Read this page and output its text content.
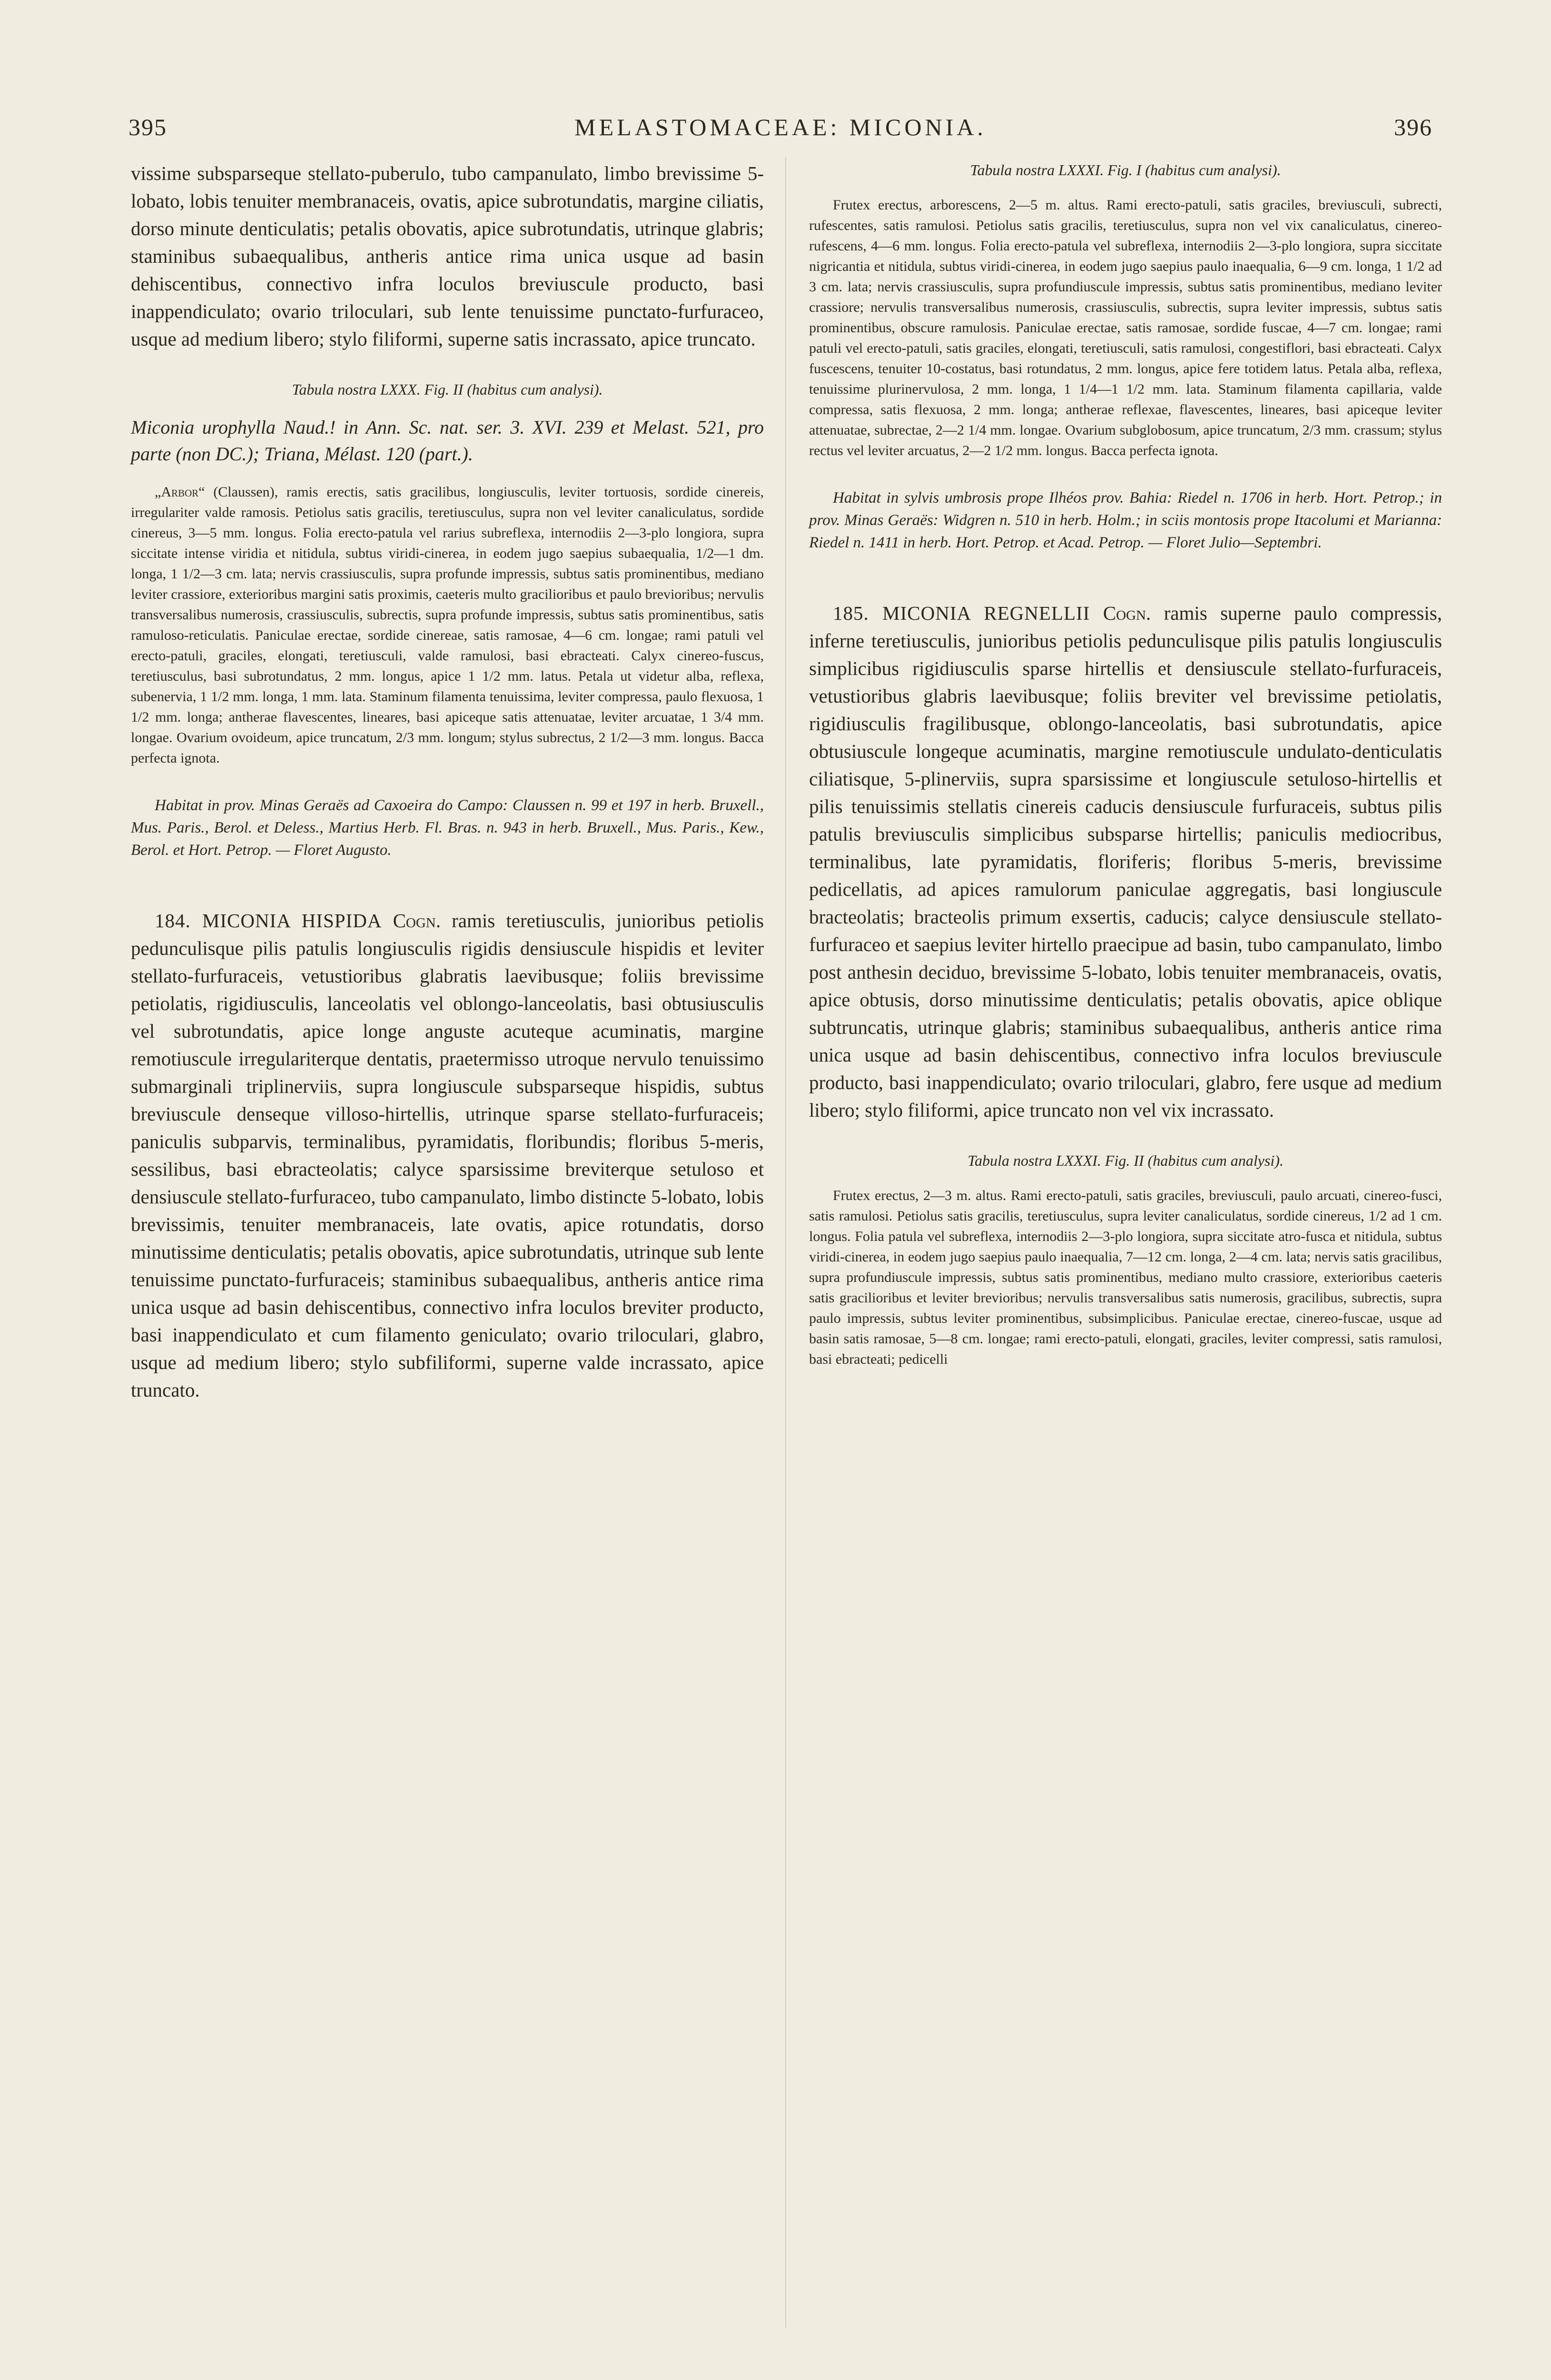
395	MELASTOMACEAE: MICONIA.	396

vissime subsparseque stellato-puberulo, tubo campanulato, limbo brevissime 5-lobato, lobis tenuiter membranaceis, ovatis, apice subrotundatis, margine ciliatis, dorso minute denticulatis; petalis obovatis, apice subrotundatis, utrinque glabris; staminibus subaequalibus, antheris antice rima unica usque ad basin dehiscentibus, connectivo infra loculos breviuscule producto, basi inappendiculato; ovario triloculari, sub lente tenuissime punctato-furfuraceo, usque ad medium libero; stylo filiformi, superne satis incrassato, apice truncato.

Tabula nostra LXXX. Fig. II (habitus cum analysi).

Miconia urophylla Naud.! in Ann. Sc. nat. ser. 3. XVI. 239 et Melast. 521, pro parte (non DC.); Triana, Mélast. 120 (part.).

„Arbor“ (Claussen), ramis erectis, satis gracilibus, longiusculis, leviter tortuosis, sordide cinereis, irregulariter valde ramosis. Petiolus satis gracilis, teretiusculus, supra non vel leviter canaliculatus, sordide cinereus, 3—5 mm. longus. Folia erecto-patula vel rarius subreflexa, internodiis 2—3-plo longiora, supra siccitate intense viridia et nitidula, subtus viridi-cinerea, in eodem jugo saepius subaequalia, 1/2—1 dm. longa, 1 1/2—3 cm. lata; nervis crassiusculis, supra profunde impressis, subtus satis prominentibus, mediano leviter crassiore, exterioribus margini satis proximis, caeteris multo gracilioribus et paulo brevioribus; nervulis transversalibus numerosis, crassiusculis, subrectis, supra profunde impressis, subtus satis prominentibus, satis ramuloso-reticulatis. Paniculae erectae, sordide cinereae, satis ramosae, 4—6 cm. longae; rami patuli vel erecto-patuli, graciles, elongati, teretiusculi, valde ramulosi, basi ebracteati. Calyx cinereo-fuscus, teretiusculus, basi subrotundatus, 2 mm. longus, apice 1 1/2 mm. latus. Petala ut videtur alba, reflexa, subenervia, 1 1/2 mm. longa, 1 mm. lata. Staminum filamenta tenuissima, leviter compressa, paulo flexuosa, 1 1/2 mm. longa; antherae flavescentes, lineares, basi apiceque satis attenuatae, leviter arcuatae, 1 3/4 mm. longae. Ovarium ovoideum, apice truncatum, 2/3 mm. longum; stylus subrectus, 2 1/2—3 mm. longus. Bacca perfecta ignota.

Habitat in prov. Minas Geraës ad Caxoeira do Campo: Claussen n. 99 et 197 in herb. Bruxell., Mus. Paris., Berol. et Deless., Martius Herb. Fl. Bras. n. 943 in herb. Bruxell., Mus. Paris., Kew., Berol. et Hort. Petrop. — Floret Augusto.

184. MICONIA HISPIDA Cogn. ramis teretiusculis, junioribus petiolis pedunculisque pilis patulis longiusculis rigidis densiuscule hispidis et leviter stellato-furfuraceis, vetustioribus glabratis laevibusque; foliis brevissime petiolatis, rigidiusculis, lanceolatis vel oblongo-lanceolatis, basi obtusiusculis vel subrotundatis, apice longe anguste acuteque acuminatis, margine remotiuscule irregulariterque dentatis, praetermisso utroque nervulo tenuissimo submarginali triplinerviis, supra longiuscule subsparseque hispidis, subtus breviuscule denseque villoso-hirtellis, utrinque sparse stellato-furfuraceis; paniculis subparvis, terminalibus, pyramidatis, floribundis; floribus 5-meris, sessilibus, basi ebracteolatis; calyce sparsissime breviterque setuloso et densiuscule stellato-furfuraceo, tubo campanulato, limbo distincte 5-lobato, lobis brevissimis, tenuiter membranaceis, late ovatis, apice rotundatis, dorso minutissime denticulatis; petalis obovatis, apice subrotundatis, utrinque sub lente tenuissime punctato-furfuraceis; staminibus subaequalibus, antheris antice rima unica usque ad basin dehiscentibus, connectivo infra loculos breviter producto, basi inappendiculato et cum filamento geniculato; ovario triloculari, glabro, usque ad medium libero; stylo subfiliformi, superne valde incrassato, apice truncato.

Tabula nostra LXXXI. Fig. I (habitus cum analysi).

Frutex erectus, arborescens, 2—5 m. altus. Rami erecto-patuli, satis graciles, breviusculi, subrecti, rufescentes, satis ramulosi. Petiolus satis gracilis, teretiusculus, supra non vel vix canaliculatus, cinereo-rufescens, 4—6 mm. longus. Folia erecto-patula vel subreflexa, internodiis 2—3-plo longiora, supra siccitate nigricantia et nitidula, subtus viridi-cinerea, in eodem jugo saepius paulo inaequalia, 6—9 cm. longa, 1 1/2 ad 3 cm. lata; nervis crassiusculis, supra profundiuscule impressis, subtus satis prominentibus, mediano leviter crassiore; nervulis transversalibus numerosis, crassiusculis, subrectis, supra leviter impressis, subtus satis prominentibus, obscure ramulosis. Paniculae erectae, satis ramosae, sordide fuscae, 4—7 cm. longae; rami patuli vel erecto-patuli, satis graciles, elongati, teretiusculi, satis ramulosi, congestiflori, basi ebracteati. Calyx fuscescens, tenuiter 10-costatus, basi rotundatus, 2 mm. longus, apice fere totidem latus. Petala alba, reflexa, tenuissime plurinervulosa, 2 mm. longa, 1 1/4—1 1/2 mm. lata. Staminum filamenta capillaria, valde compressa, satis flexuosa, 2 mm. longa; antherae reflexae, flavescentes, lineares, basi apiceque leviter attenuatae, subrectae, 2—2 1/4 mm. longae. Ovarium subglobosum, apice truncatum, 2/3 mm. crassum; stylus rectus vel leviter arcuatus, 2—2 1/2 mm. longus. Bacca perfecta ignota.

Habitat in sylvis umbrosis prope Ilhéos prov. Bahia: Riedel n. 1706 in herb. Hort. Petrop.; in prov. Minas Geraës: Widgren n. 510 in herb. Holm.; in sciis montosis prope Itacolumi et Marianna: Riedel n. 1411 in herb. Hort. Petrop. et Acad. Petrop. — Floret Julio—Septembri.

185. MICONIA REGNELLII Cogn. ramis superne paulo compressis, inferne teretiusculis, junioribus petiolis pedunculisque pilis patulis longiusculis simplicibus rigidiusculis sparse hirtellis et densiuscule stellato-furfuraceis, vetustioribus glabris laevibusque; foliis breviter vel brevissime petiolatis, rigidiusculis fragilibusque, oblongo-lanceolatis, basi subrotundatis, apice obtusiuscule longeque acuminatis, margine remotiuscule undulato-denticulatis ciliatisque, 5-plinerviis, supra sparsissime et longiuscule setuloso-hirtellis et pilis tenuissimis stellatis cinereis caducis densiuscule furfuraceis, subtus pilis patulis breviusculis simplicibus subsparse hirtellis; paniculis mediocribus, terminalibus, late pyramidatis, floriferis; floribus 5-meris, brevissime pedicellatis, ad apices ramulorum paniculae aggregatis, basi longiuscule bracteolatis; bracteolis primum exsertis, caducis; calyce densiuscule stellato-furfuraceo et saepius leviter hirtello praecipue ad basin, tubo campanulato, limbo post anthesin deciduo, brevissime 5-lobato, lobis tenuiter membranaceis, ovatis, apice obtusis, dorso minutissime denticulatis; petalis obovatis, apice oblique subtruncatis, utrinque glabris; staminibus subaequalibus, antheris antice rima unica usque ad basin dehiscentibus, connectivo infra loculos breviuscule producto, basi inappendiculato; ovario triloculari, glabro, fere usque ad medium libero; stylo filiformi, apice truncato non vel vix incrassato.

Tabula nostra LXXXI. Fig. II (habitus cum analysi).

Frutex erectus, 2—3 m. altus. Rami erecto-patuli, satis graciles, breviusculi, paulo arcuati, cinereo-fusci, satis ramulosi. Petiolus satis gracilis, teretiusculus, supra leviter canaliculatus, sordide cinereus, 1/2 ad 1 cm. longus. Folia patula vel subreflexa, internodiis 2—3-plo longiora, supra siccitate atro-fusca et nitidula, subtus viridi-cinerea, in eodem jugo saepius paulo inaequalia, 7—12 cm. longa, 2—4 cm. lata; nervis satis gracilibus, supra profundiuscule impressis, subtus satis prominentibus, mediano multo crassiore, exterioribus caeteris satis gracilioribus et leviter brevioribus; nervulis transversalibus satis numerosis, gracilibus, subrectis, supra paulo impressis, subtus leviter prominentibus, subsimplicibus. Paniculae erectae, cinereo-fuscae, usque ad basin satis ramosae, 5—8 cm. longae; rami erecto-patuli, elongati, graciles, leviter compressi, satis ramulosi, basi ebracteati; pedicelli
